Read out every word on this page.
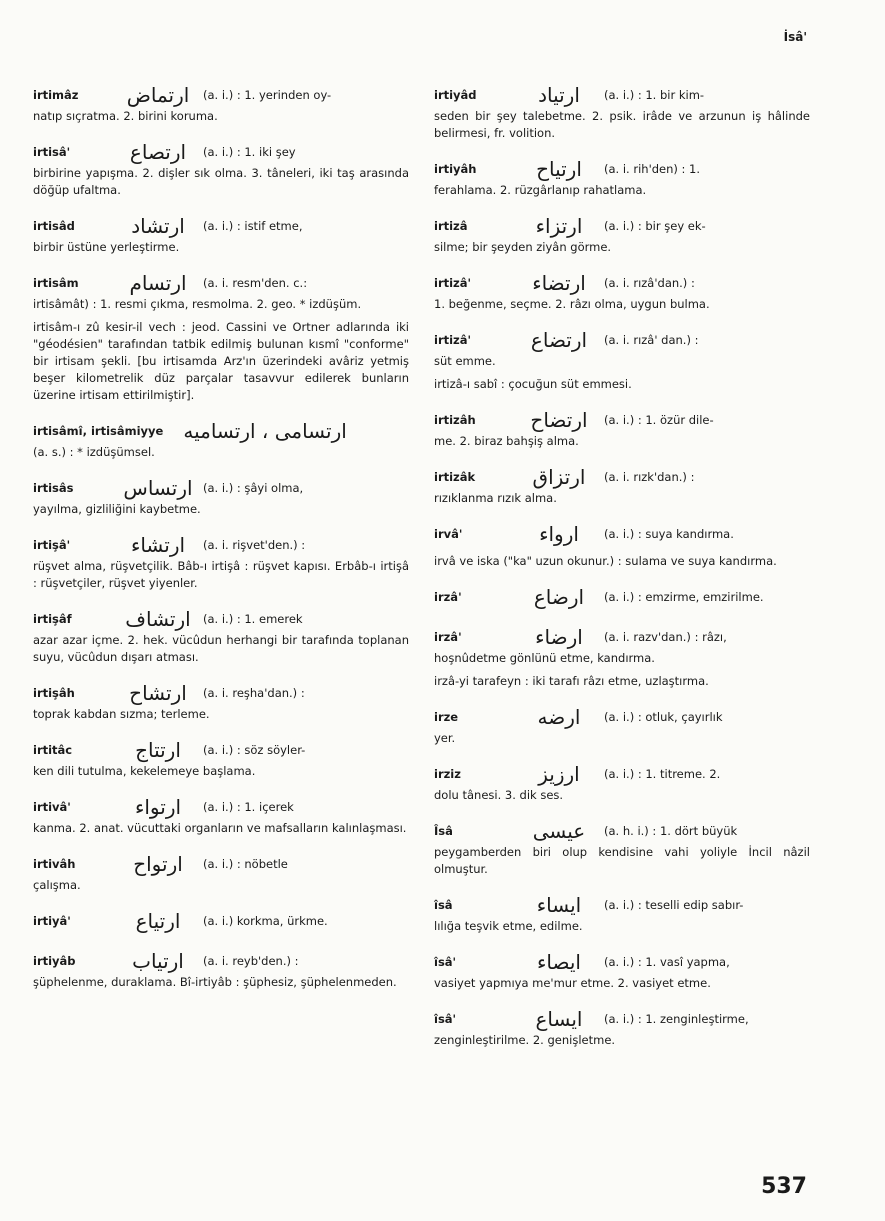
İsâ'
irtimâz	ارتماض	(a. i.) : 1. yerinden oy-
natıp sıçratma. 2. birini koruma.
irtisâ'	ارتصاع	(a. i.) : 1. iki şey
birbirine yapışma. 2. dişler sık olma. 3. tâneleri, iki taş arasında döğüp ufaltma.
irtisâd	ارتشاد	(a. i.) : istif etme,
birbir üstüne yerleştirme.
irtisâm	ارتسام	(a. i. resm'den. c.:
irtisâmât) : 1. resmi çıkma, resmolma. 2. geo. * izdüşüm.
irtisâm-ı zû kesir-il vech : jeod. Cassini ve Ortner adlarında iki "géodésien" tarafından tatbik edilmiş bulunan kısmî "conforme" bir irtisam şekli. [bu irtisamda Arz'ın üzerindeki avâriz yetmiş beşer kilometrelik düz parçalar tasavvur edilerek bunların üzerine irtisam ettirilmiştir].
irtisâmî, irtisâmiyye ارتسامی ، ارتسامیه
(a. s.) : * izdüşümsel.
irtisâs	ارتساس (a. i.) : şâyi olma,
yayılma, gizliliğini kaybetme.
irtişâ'	ارتشاء	(a. i. rişvet'den.) :
rüşvet alma, rüşvetçilik. Bâb-ı irtişâ : rüşvet kapısı. Erbâb-ı irtişâ : rüşvetçiler, rüşvet yiyenler.
irtişâf	ارتشاف	(a. i.) : 1. emerek
azar azar içme. 2. hek. vücûdun herhangi bir tarafında toplanan suyu, vücûdun dışarı atması.
irtişâh	ارتشاح	(a. i. reşha'dan.) :
toprak kabdan sızma; terleme.
irtitâc	ارتتاج	(a. i.) : söz söyler-
ken dili tutulma, kekelemeye başlama.
irtivâ'	ارتواء	(a. i.) : 1. içerek
kanma. 2. anat. vücuttaki organların ve mafsalların kalınlaşması.
irtivâh	ارتواح	(a. i.) : nöbetle
çalışma.
irtiyâ'	ارتیاع	(a. i.) korkma, ürkme.
irtiyâb	ارتیاب	(a. i. reyb'den.) :
şüphelenme, duraklama. Bî-irtiyâb : şüphesiz, şüphelenmeden.
irtiyâd	ارتیاد	(a. i.) : 1. bir kim-
seden bir şey talebetme. 2. psik. irâde ve arzunun iş hâlinde belirmesi, fr. volition.
irtiyâh	ارتیاح	(a. i. rih'den) : 1.
ferahlama. 2. rüzgârlanıp rahatlama.
irtizâ	ارتزاء	(a. i.) : bir şey ek-
silme; bir şeyden ziyân görme.
irtizâ'	ارتضاء	(a. i. rızâ'dan.) :
1. beğenme, seçme. 2. râzı olma, uygun bulma.
irtizâ'	ارتضاع	(a. i. rızâ' dan.) :
süt emme.
irtizâ-ı sabî : çocuğun süt emmesi.
irtizâh	ارتضاح	(a. i.) : 1. özür dile-
me. 2. biraz bahşiş alma.
irtizâk	ارتزاق	(a. i. rızk'dan.) :
rızıklanma rızık alma.
irvâ'	ارواء	(a. i.) : suya kandırma.
irvâ ve iska ("ka" uzun okunur.) : sulama ve suya kandırma.
irzâ'	ارضاع	(a. i.) : emzirme, emzirilme.
irzâ'	ارضاء	(a. i. razv'dan.) : râzı,
hoşnûdetme gönlünü etme, kandırma.
irzâ-yi tarafeyn : iki tarafı râzı etme, uzlaştırma.
irze	ارضه	(a. i.) : otluk, çayırlık
yer.
irziz	ارزیز	(a. i.) : 1. titreme. 2.
dolu tânesi. 3. dik ses.
Îsâ	عیسی	(a. h. i.) : 1. dört büyük
peygamberden biri olup kendisine vahi yoliyle İncil nâzil olmuştur.
îsâ	ایساء	(a. i.) : teselli edip sabır-
lılığa teşvik etme, edilme.
îsâ'	ایصاء	(a. i.) : 1. vasî yapma,
vasiyet yapmıya me'mur etme. 2. vasiyet etme.
îsâ'	ایساع	(a. i.) : 1. zenginleştirme,
zenginleştirilme. 2. genişletme.
537
